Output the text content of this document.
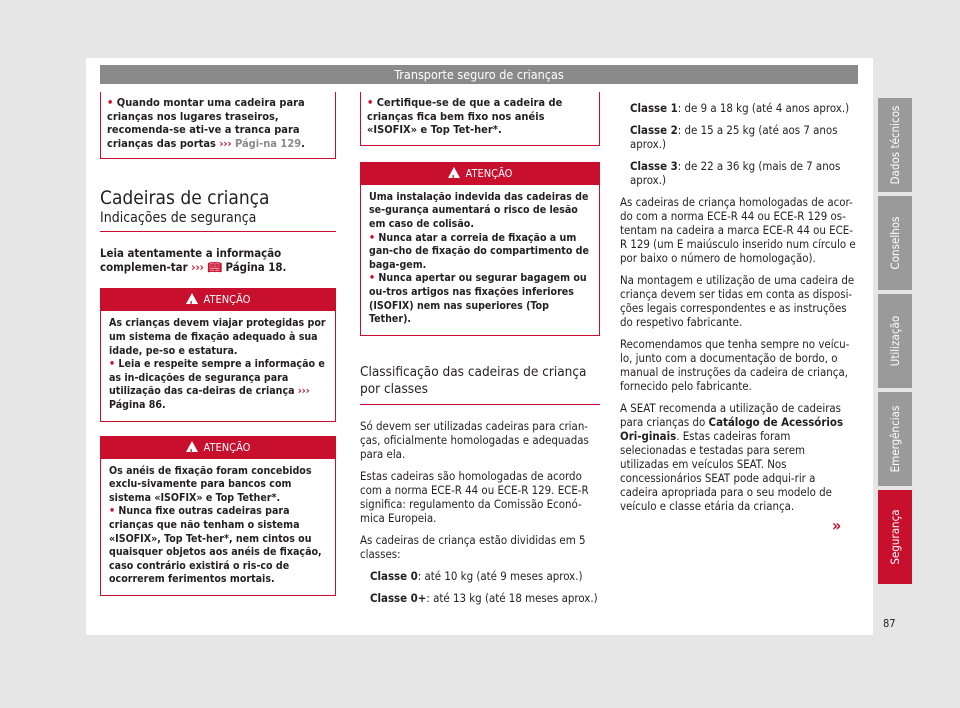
Transporte seguro de crianças
• Quando montar uma cadeira para crianças nos lugares traseiros, recomenda-se ati-ve a tranca para crianças das portas ››› Pági-na 129.
Cadeiras de criança
Indicações de segurança
Leia atentamente a informação complemen-tar ››› 📖︎ Página 18.
! ATENÇÃO
As crianças devem viajar protegidas por um sistema de fixação adequado à sua idade, pe-so e estatura.
• Leia e respeite sempre a informação e as in-dicações de segurança para utilização das ca-deiras de criança ››› Página 86.
! ATENÇÃO
Os anéis de fixação foram concebidos exclu-sivamente para bancos com sistema «ISOFIX» e Top Tether*.
• Nunca fixe outras cadeiras para crianças que não tenham o sistema «ISOFIX», Top Tet-her*, nem cintos ou quaisquer objetos aos anéis de fixação, caso contrário existirá o ris-co de ocorrerem ferimentos mortais.
• Certifique-se de que a cadeira de crianças fica bem fixo nos anéis «ISOFIX» e Top Tet-her*.
! ATENÇÃO
Uma instalação indevida das cadeiras de se-gurança aumentará o risco de lesão em caso de colisão.
• Nunca atar a correia de fixação a um gan-cho de fixação do compartimento de baga-gem.
• Nunca apertar ou segurar bagagem ou ou-tros artigos nas fixações inferiores (ISOFIX) nem nas superiores (Top Tether).
Classificação das cadeiras de criança por classes

Só devem ser utilizadas cadeiras para crian-ças, oficialmente homologadas e adequadas para ela.

Estas cadeiras são homologadas de acordo com a norma ECE-R 44 ou ECE-R 129. ECE-R significa: regulamento da Comissão Econó-mica Europeia.

As cadeiras de criança estão divididas em 5 classes:

Classe 0: até 10 kg (até 9 meses aprox.)

Classe 0+: até 13 kg (até 18 meses aprox.)

Classe 1: de 9 a 18 kg (até 4 anos aprox.)

Classe 2: de 15 a 25 kg (até aos 7 anos aprox.)

Classe 3: de 22 a 36 kg (mais de 7 anos aprox.)

As cadeiras de criança homologadas de acor-do com a norma ECE-R 44 ou ECE-R 129 os-tentam na cadeira a marca ECE-R 44 ou ECE-R 129 (um E maiúsculo inserido num círculo e por baixo o número de homologação).

Na montagem e utilização de uma cadeira de criança devem ser tidas em conta as disposi-ções legais correspondentes e as instruções do respetivo fabricante.

Recomendamos que tenha sempre no veícu-lo, junto com a documentação de bordo, o manual de instruções da cadeira de criança, fornecido pelo fabricante.

A SEAT recomenda a utilização de cadeiras para crianças do Catálogo de Acessórios Ori-ginais. Estas cadeiras foram selecionadas e testadas para serem utilizadas em veículos SEAT. Nos concessionários SEAT pode adqui-rir a cadeira apropriada para o seu modelo de veículo e classe etária da criança.

»
Dados técnicos
Conselhos
Utilização
Emergências
Segurança
87
